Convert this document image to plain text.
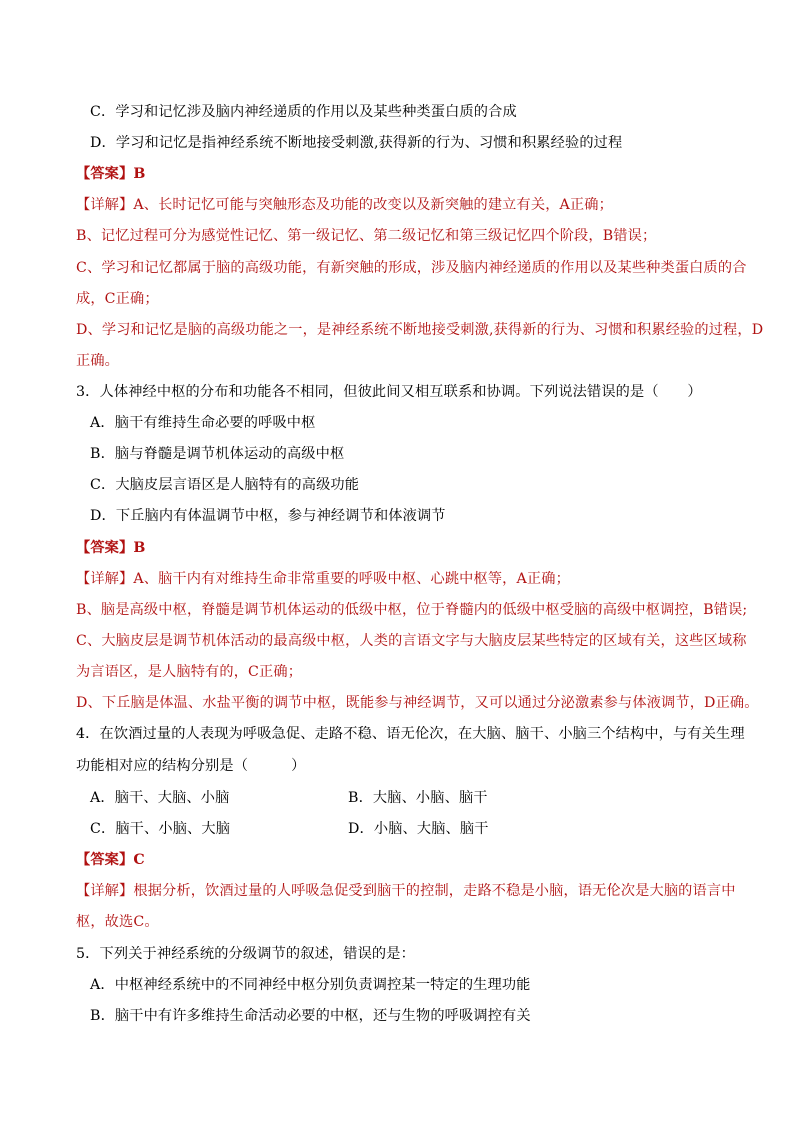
C．学习和记忆涉及脑内神经递质的作用以及某些种类蛋白质的合成
D．学习和记忆是指神经系统不断地接受刺激,获得新的行为、习惯和积累经验的过程
【答案】B
【详解】A、长时记忆可能与突触形态及功能的改变以及新突触的建立有关，A正确；
B、记忆过程可分为感觉性记忆、第一级记忆、第二级记忆和第三级记忆四个阶段，B错误；
C、学习和记忆都属于脑的高级功能，有新突触的形成，涉及脑内神经递质的作用以及某些种类蛋白质的合
成，C正确；
D、学习和记忆是脑的高级功能之一，是神经系统不断地接受刺激,获得新的行为、习惯和积累经验的过程，D
正确。
3．人体神经中枢的分布和功能各不相同，但彼此间又相互联系和协调。下列说法错误的是（　　）
A．脑干有维持生命必要的呼吸中枢
B．脑与脊髓是调节机体运动的高级中枢
C．大脑皮层言语区是人脑特有的高级功能
D．下丘脑内有体温调节中枢，参与神经调节和体液调节
【答案】B
【详解】A、脑干内有对维持生命非常重要的呼吸中枢、心跳中枢等，A正确；
B、脑是高级中枢，脊髓是调节机体运动的低级中枢，位于脊髓内的低级中枢受脑的高级中枢调控，B错误;
C、大脑皮层是调节机体活动的最高级中枢，人类的言语文字与大脑皮层某些特定的区域有关，这些区域称
为言语区，是人脑特有的，C正确；
D、下丘脑是体温、水盐平衡的调节中枢，既能参与神经调节，又可以通过分泌激素参与体液调节，D正确。
4．在饮酒过量的人表现为呼吸急促、走路不稳、语无伦次，在大脑、脑干、小脑三个结构中，与有关生理
功能相对应的结构分别是（　　　）
A．脑干、大脑、小脑	B．大脑、小脑、脑干
C．脑干、小脑、大脑	D．小脑、大脑、脑干
【答案】C
【详解】根据分析，饮酒过量的人呼吸急促受到脑干的控制，走路不稳是小脑，语无伦次是大脑的语言中
枢，故选C。
5．下列关于神经系统的分级调节的叙述，错误的是：
A．中枢神经系统中的不同神经中枢分别负责调控某一特定的生理功能
B．脑干中有许多维持生命活动必要的中枢，还与生物的呼吸调控有关
